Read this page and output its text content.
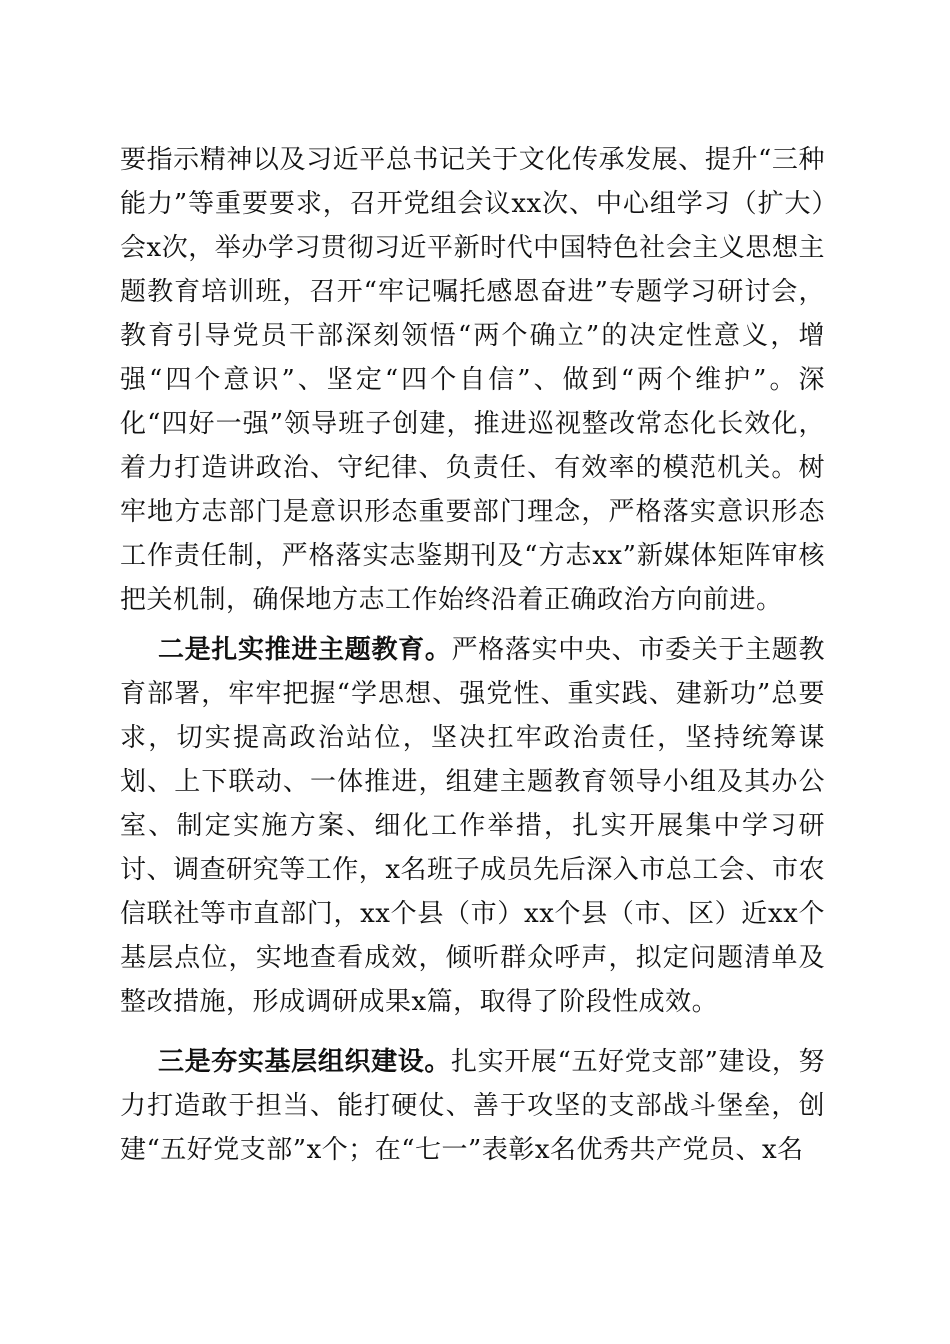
要指示精神以及习近平总书记关于文化传承发展、提升“三种能力”等重要要求，召开党组会议xx次、中心组学习（扩大）会x次，举办学习贯彻习近平新时代中国特色社会主义思想主题教育培训班，召开“牢记嘱托感恩奋进”专题学习研讨会，教育引导党员干部深刻领悟“两个确立”的决定性意义，增强“四个意识”、坚定“四个自信”、做到“两个维护”。深化“四好一强”领导班子创建，推进巡视整改常态化长效化，着力打造讲政治、守纪律、负责任、有效率的模范机关。树牢地方志部门是意识形态重要部门理念，严格落实意识形态工作责任制，严格落实志鉴期刊及“方志xx”新媒体矩阵审核把关机制，确保地方志工作始终沿着正确政治方向前进。

二是扎实推进主题教育。严格落实中央、市委关于主题教育部署，牢牢把握“学思想、强党性、重实践、建新功”总要求，切实提高政治站位，坚决扛牢政治责任，坚持统筹谋划、上下联动、一体推进，组建主题教育领导小组及其办公室、制定实施方案、细化工作举措，扎实开展集中学习研讨、调查研究等工作，x名班子成员先后深入市总工会、市农信联社等市直部门，xx个县（市）xx个县（市、区）近xx个基层点位，实地查看成效，倾听群众呼声，拟定问题清单及整改措施，形成调研成果x篇，取得了阶段性成效。

三是夯实基层组织建设。扎实开展“五好党支部”建设，努力打造敢于担当、能打硬仗、善于攻坚的支部战斗堡垒，创建“五好党支部”x个；在“七一”表彰x名优秀共产党员、x名
